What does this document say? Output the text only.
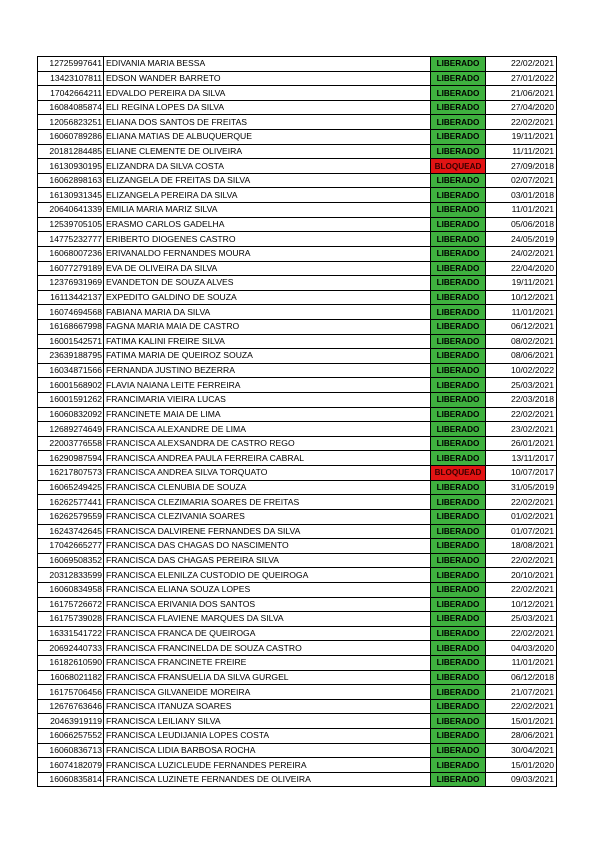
12725997641	EDIVANIA MARIA BESSA	LIBERADO	22/02/2021
13423107811	EDSON WANDER BARRETO	LIBERADO	27/01/2022
17042664211	EDVALDO PEREIRA DA SILVA	LIBERADO	21/06/2021
16084085874	ELI REGINA LOPES DA SILVA	LIBERADO	27/04/2020
12056823251	ELIANA DOS SANTOS DE FREITAS	LIBERADO	22/02/2021
16060789286	ELIANA MATIAS DE ALBUQUERQUE	LIBERADO	19/11/2021
20181284485	ELIANE CLEMENTE DE OLIVEIRA	LIBERADO	11/11/2021
16130930195	ELIZANDRA DA SILVA COSTA	BLOQUEAD	27/09/2018
16062898163	ELIZANGELA DE FREITAS DA SILVA	LIBERADO	02/07/2021
16130931345	ELIZANGELA PEREIRA DA SILVA	LIBERADO	03/01/2018
20640641339	EMILIA MARIA MARIZ SILVA	LIBERADO	11/01/2021
12539705105	ERASMO CARLOS GADELHA	LIBERADO	05/06/2018
14775232777	ERIBERTO DIOGENES CASTRO	LIBERADO	24/05/2019
16068007236	ERIVANALDO FERNANDES MOURA	LIBERADO	24/02/2021
16077279189	EVA DE OLIVEIRA DA SILVA	LIBERADO	22/04/2020
12376931969	EVANDETON DE SOUZA ALVES	LIBERADO	19/11/2021
16113442137	EXPEDITO GALDINO DE SOUZA	LIBERADO	10/12/2021
16074694568	FABIANA MARIA DA SILVA	LIBERADO	11/01/2021
16168667998	FAGNA MARIA MAIA DE CASTRO	LIBERADO	06/12/2021
16001542571	FATIMA KALINI FREIRE SILVA	LIBERADO	08/02/2021
23639188795	FATIMA MARIA DE QUEIROZ SOUZA	LIBERADO	08/06/2021
16034871566	FERNANDA JUSTINO BEZERRA	LIBERADO	10/02/2022
16001568902	FLAVIA NAIANA LEITE FERREIRA	LIBERADO	25/03/2021
16001591262	FRANCIMARIA VIEIRA LUCAS	LIBERADO	22/03/2018
16060832092	FRANCINETE MAIA DE LIMA	LIBERADO	22/02/2021
12689274649	FRANCISCA ALEXANDRE DE LIMA	LIBERADO	23/02/2021
22003776558	FRANCISCA ALEXSANDRA DE CASTRO REGO	LIBERADO	26/01/2021
16290987594	FRANCISCA ANDREA PAULA FERREIRA CABRAL	LIBERADO	13/11/2017
16217807573	FRANCISCA ANDREA SILVA TORQUATO	BLOQUEAD	10/07/2017
16065249425	FRANCISCA CLENUBIA DE SOUZA	LIBERADO	31/05/2019
16262577441	FRANCISCA CLEZIMARIA SOARES DE FREITAS	LIBERADO	22/02/2021
16262579559	FRANCISCA CLEZIVANIA SOARES	LIBERADO	01/02/2021
16243742645	FRANCISCA DALVIRENE FERNANDES DA SILVA	LIBERADO	01/07/2021
17042665277	FRANCISCA DAS CHAGAS DO NASCIMENTO	LIBERADO	18/08/2021
16069508352	FRANCISCA DAS CHAGAS PEREIRA SILVA	LIBERADO	22/02/2021
20312833599	FRANCISCA ELENILZA CUSTODIO DE QUEIROGA	LIBERADO	20/10/2021
16060834958	FRANCISCA ELIANA SOUZA LOPES	LIBERADO	22/02/2021
16175726672	FRANCISCA ERIVANIA DOS SANTOS	LIBERADO	10/12/2021
16175739028	FRANCISCA FLAVIENE MARQUES DA SILVA	LIBERADO	25/03/2021
16331541722	FRANCISCA FRANCA DE QUEIROGA	LIBERADO	22/02/2021
20692440733	FRANCISCA FRANCINELDA DE SOUZA CASTRO	LIBERADO	04/03/2020
16182610590	FRANCISCA FRANCINETE FREIRE	LIBERADO	11/01/2021
16068021182	FRANCISCA FRANSUELIA DA SILVA GURGEL	LIBERADO	06/12/2018
16175706456	FRANCISCA GILVANEIDE MOREIRA	LIBERADO	21/07/2021
12676763646	FRANCISCA ITANUZA SOARES	LIBERADO	22/02/2021
20463919119	FRANCISCA LEILIANY SILVA	LIBERADO	15/01/2021
16066257552	FRANCISCA LEUDIJANIA LOPES COSTA	LIBERADO	28/06/2021
16060836713	FRANCISCA LIDIA BARBOSA ROCHA	LIBERADO	30/04/2021
16074182079	FRANCISCA LUZICLEUDE FERNANDES PEREIRA	LIBERADO	15/01/2020
16060835814	FRANCISCA LUZINETE FERNANDES DE OLIVEIRA	LIBERADO	09/03/2021
